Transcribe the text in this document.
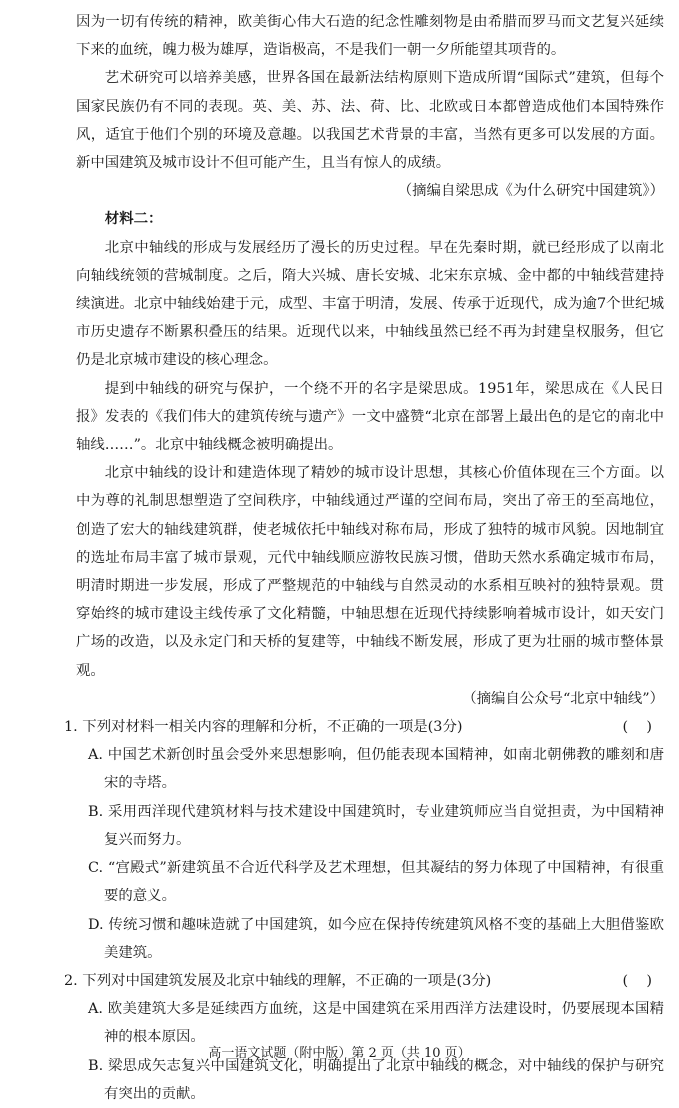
因为一切有传统的精神，欧美街心伟大石造的纪念性雕刻物是由希腊而罗马而文艺复兴延续下来的血统，魄力极为雄厚，造诣极高，不是我们一朝一夕所能望其项背的。

艺术研究可以培养美感，世界各国在最新法结构原则下造成所谓“国际式”建筑，但每个国家民族仍有不同的表现。英、美、苏、法、荷、比、北欧或日本都曾造成他们本国特殊作风，适宜于他们个别的环境及意趣。以我国艺术背景的丰富，当然有更多可以发展的方面。新中国建筑及城市设计不但可能产生，且当有惊人的成绩。

（摘编自梁思成《为什么研究中国建筑》）

材料二：

北京中轴线的形成与发展经历了漫长的历史过程。早在先秦时期，就已经形成了以南北向轴线统领的营城制度。之后，隋大兴城、唐长安城、北宋东京城、金中都的中轴线营建持续演进。北京中轴线始建于元，成型、丰富于明清，发展、传承于近现代，成为逾7个世纪城市历史遗存不断累积叠压的结果。近现代以来，中轴线虽然已经不再为封建皇权服务，但它仍是北京城市建设的核心理念。

提到中轴线的研究与保护，一个绕不开的名字是梁思成。1951年，梁思成在《人民日报》发表的《我们伟大的建筑传统与遗产》一文中盛赞“北京在部署上最出色的是它的南北中轴线……”。北京中轴线概念被明确提出。

北京中轴线的设计和建造体现了精妙的城市设计思想，其核心价值体现在三个方面。以中为尊的礼制思想塑造了空间秩序，中轴线通过严谨的空间布局，突出了帝王的至高地位，创造了宏大的轴线建筑群，使老城依托中轴线对称布局，形成了独特的城市风貌。因地制宜的选址布局丰富了城市景观，元代中轴线顺应游牧民族习惯，借助天然水系确定城市布局，明清时期进一步发展，形成了严整规范的中轴线与自然灵动的水系相互映衬的独特景观。贯穿始终的城市建设主线传承了文化精髓，中轴思想在近现代持续影响着城市设计，如天安门广场的改造，以及永定门和天桥的复建等，中轴线不断发展，形成了更为壮丽的城市整体景观。

（摘编自公众号“北京中轴线”）

1. 下列对材料一相关内容的理解和分析，不正确的一项是(3分)	(    )

A. 中国艺术新创时虽会受外来思想影响，但仍能表现本国精神，如南北朝佛教的雕刻和唐宋的寺塔。

B. 采用西洋现代建筑材料与技术建设中国建筑时，专业建筑师应当自觉担责，为中国精神复兴而努力。

C. “宫殿式”新建筑虽不合近代科学及艺术理想，但其凝结的努力体现了中国精神，有很重要的意义。

D. 传统习惯和趣味造就了中国建筑，如今应在保持传统建筑风格不变的基础上大胆借鉴欧美建筑。

2. 下列对中国建筑发展及北京中轴线的理解，不正确的一项是(3分)	(    )

A. 欧美建筑大多是延续西方血统，这是中国建筑在采用西洋方法建设时，仍要展现本国精神的根本原因。

B. 梁思成矢志复兴中国建筑文化，明确提出了北京中轴线的概念，对中轴线的保护与研究有突出的贡献。

高一语文试题（附中版）第 2 页（共 10 页）
